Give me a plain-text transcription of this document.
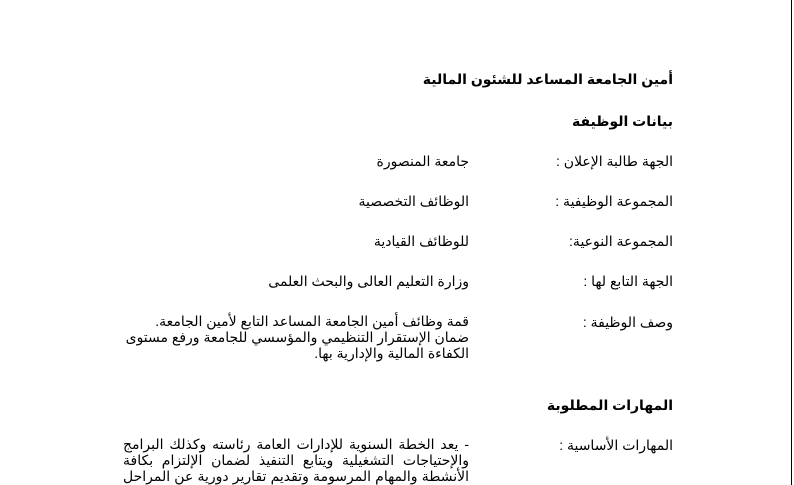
أمين الجامعة المساعد للشئون المالية
بيانات الوظيفة
الجهة طالبة الإعلان :
جامعة المنصورة
المجموعة الوظيفية :
الوظائف التخصصية
المجموعة النوعية:
للوظائف القيادية
الجهة التابع لها :
وزارة التعليم العالى والبحث العلمى
وصف الوظيفة :
قمة وظائف أمين الجامعة المساعد التابع لأمين الجامعة.
ضمان الإستقرار التنظيمي والمؤسسي للجامعة ورفع مستوى
الكفاءة المالية والإدارية بها.
المهارات المطلوبة
المهارات الأساسية :
- يعد الخطة السنوية للإدارات العامة رئاسته وكذلك البرامج
والإحتياجات التشغيلية ويتابع التنفيذ لضمان الإلتزام بكافة
الأنشطة والمهام المرسومة وتقديم تقارير دورية عن المراحل
